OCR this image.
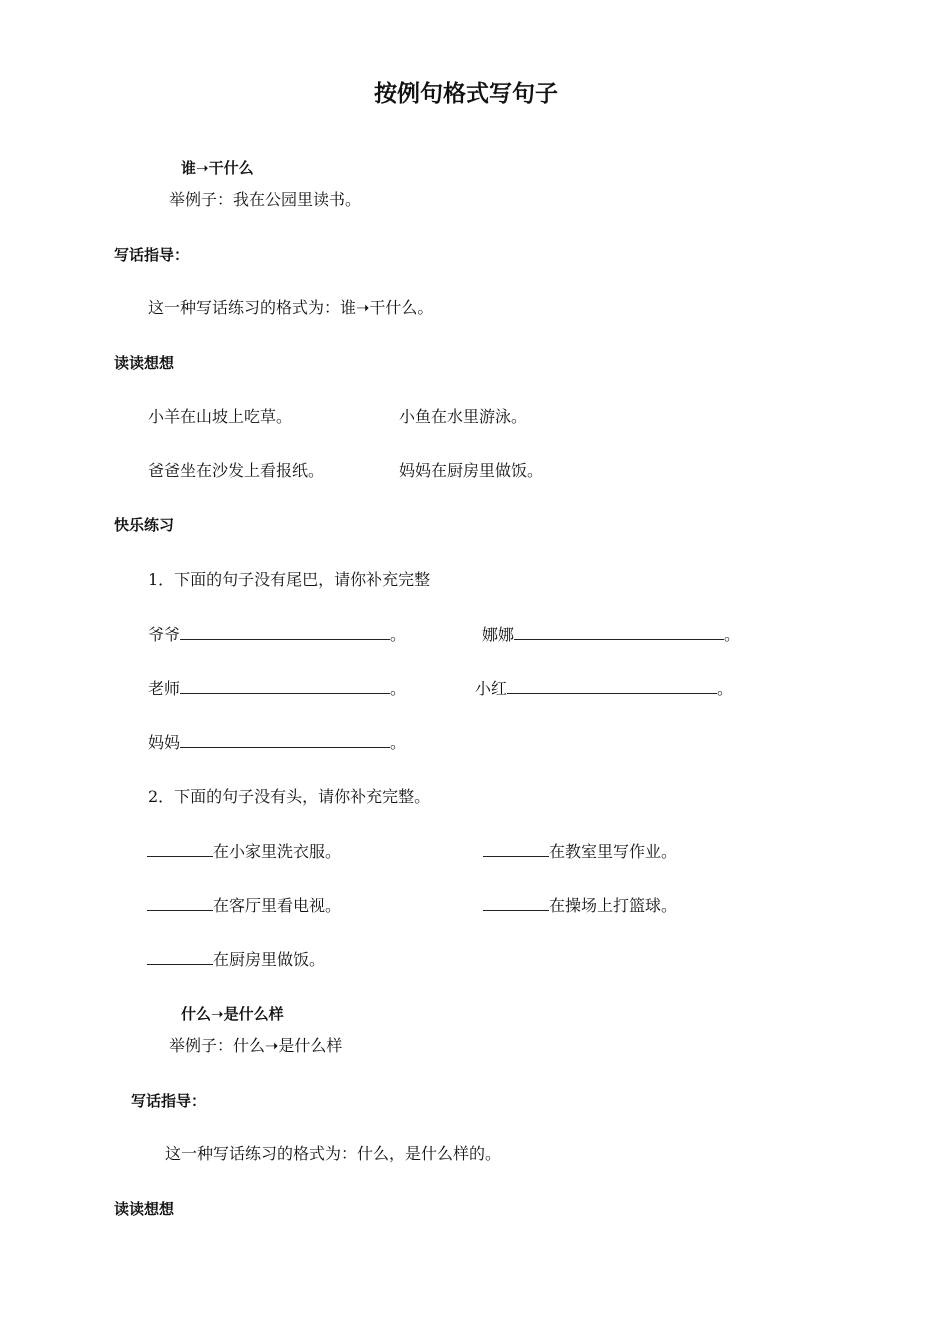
按例句格式写句子
谁➝干什么
举例子：我在公园里读书。
写话指导：
这一种写话练习的格式为：谁➝干什么。
读读想想
小羊在山坡上吃草。	小鱼在水里游泳。
爸爸坐在沙发上看报纸。	妈妈在厨房里做饭。
快乐练习
1．下面的句子没有尾巴，请你补充完整
爷爷	。	娜娜	。
老师	。	小红	。
妈妈	。
2．下面的句子没有头，请你补充完整。
在小家里洗衣服。	在教室里写作业。
在客厅里看电视。	在操场上打篮球。
在厨房里做饭。
什么➝是什么样
举例子：什么➝是什么样
写话指导：
这一种写话练习的格式为：什么，是什么样的。
读读想想
